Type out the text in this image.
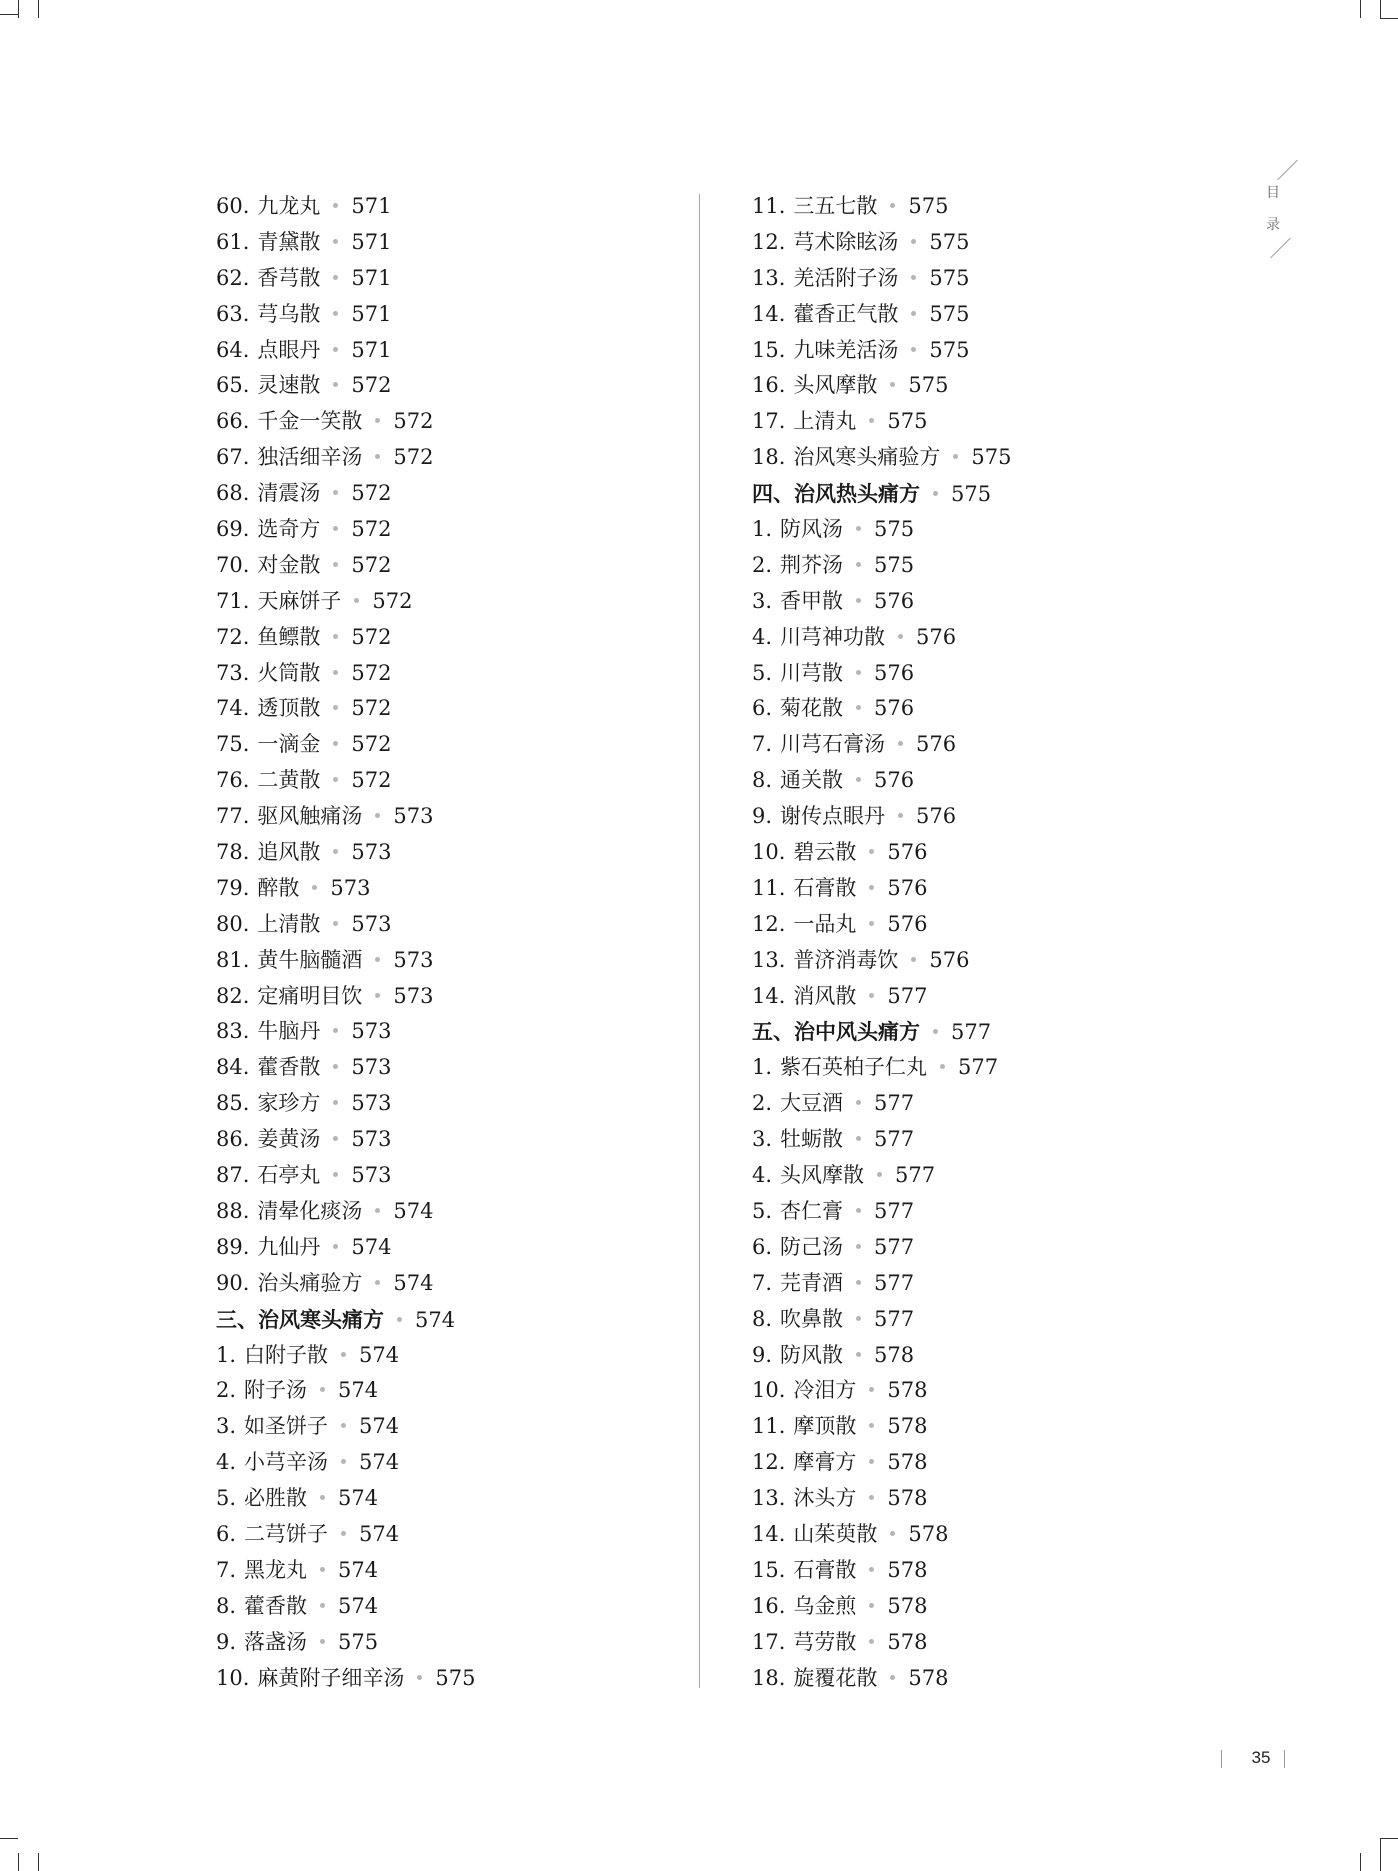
目
录
60. 九龙丸 571
61. 青黛散 571
62. 香芎散 571
63. 芎乌散 571
64. 点眼丹 571
65. 灵速散 572
66. 千金一笑散 572
67. 独活细辛汤 572
68. 清震汤 572
69. 选奇方 572
70. 对金散 572
71. 天麻饼子 572
72. 鱼鳔散 572
73. 火筒散 572
74. 透顶散 572
75. 一滴金 572
76. 二黄散 572
77. 驱风触痛汤 573
78. 追风散 573
79. 醉散 573
80. 上清散 573
81. 黄牛脑髓酒 573
82. 定痛明目饮 573
83. 牛脑丹 573
84. 藿香散 573
85. 家珍方 573
86. 姜黄汤 573
87. 石亭丸 573
88. 清晕化痰汤 574
89. 九仙丹 574
90. 治头痛验方 574
三、治风寒头痛方 574
1. 白附子散 574
2. 附子汤 574
3. 如圣饼子 574
4. 小芎辛汤 574
5. 必胜散 574
6. 二芎饼子 574
7. 黑龙丸 574
8. 藿香散 574
9. 落盏汤 575
10. 麻黄附子细辛汤 575
11. 三五七散 575
12. 芎术除眩汤 575
13. 羌活附子汤 575
14. 藿香正气散 575
15. 九味羌活汤 575
16. 头风摩散 575
17. 上清丸 575
18. 治风寒头痛验方 575
四、治风热头痛方 575
1. 防风汤 575
2. 荆芥汤 575
3. 香甲散 576
4. 川芎神功散 576
5. 川芎散 576
6. 菊花散 576
7. 川芎石膏汤 576
8. 通关散 576
9. 谢传点眼丹 576
10. 碧云散 576
11. 石膏散 576
12. 一品丸 576
13. 普济消毒饮 576
14. 消风散 577
五、治中风头痛方 577
1. 紫石英柏子仁丸 577
2. 大豆酒 577
3. 牡蛎散 577
4. 头风摩散 577
5. 杏仁膏 577
6. 防己汤 577
7. 芫青酒 577
8. 吹鼻散 577
9. 防风散 578
10. 冷泪方 578
11. 摩顶散 578
12. 摩膏方 578
13. 沐头方 578
14. 山茱萸散 578
15. 石膏散 578
16. 乌金煎 578
17. 芎劳散 578
18. 旋覆花散 578
35
